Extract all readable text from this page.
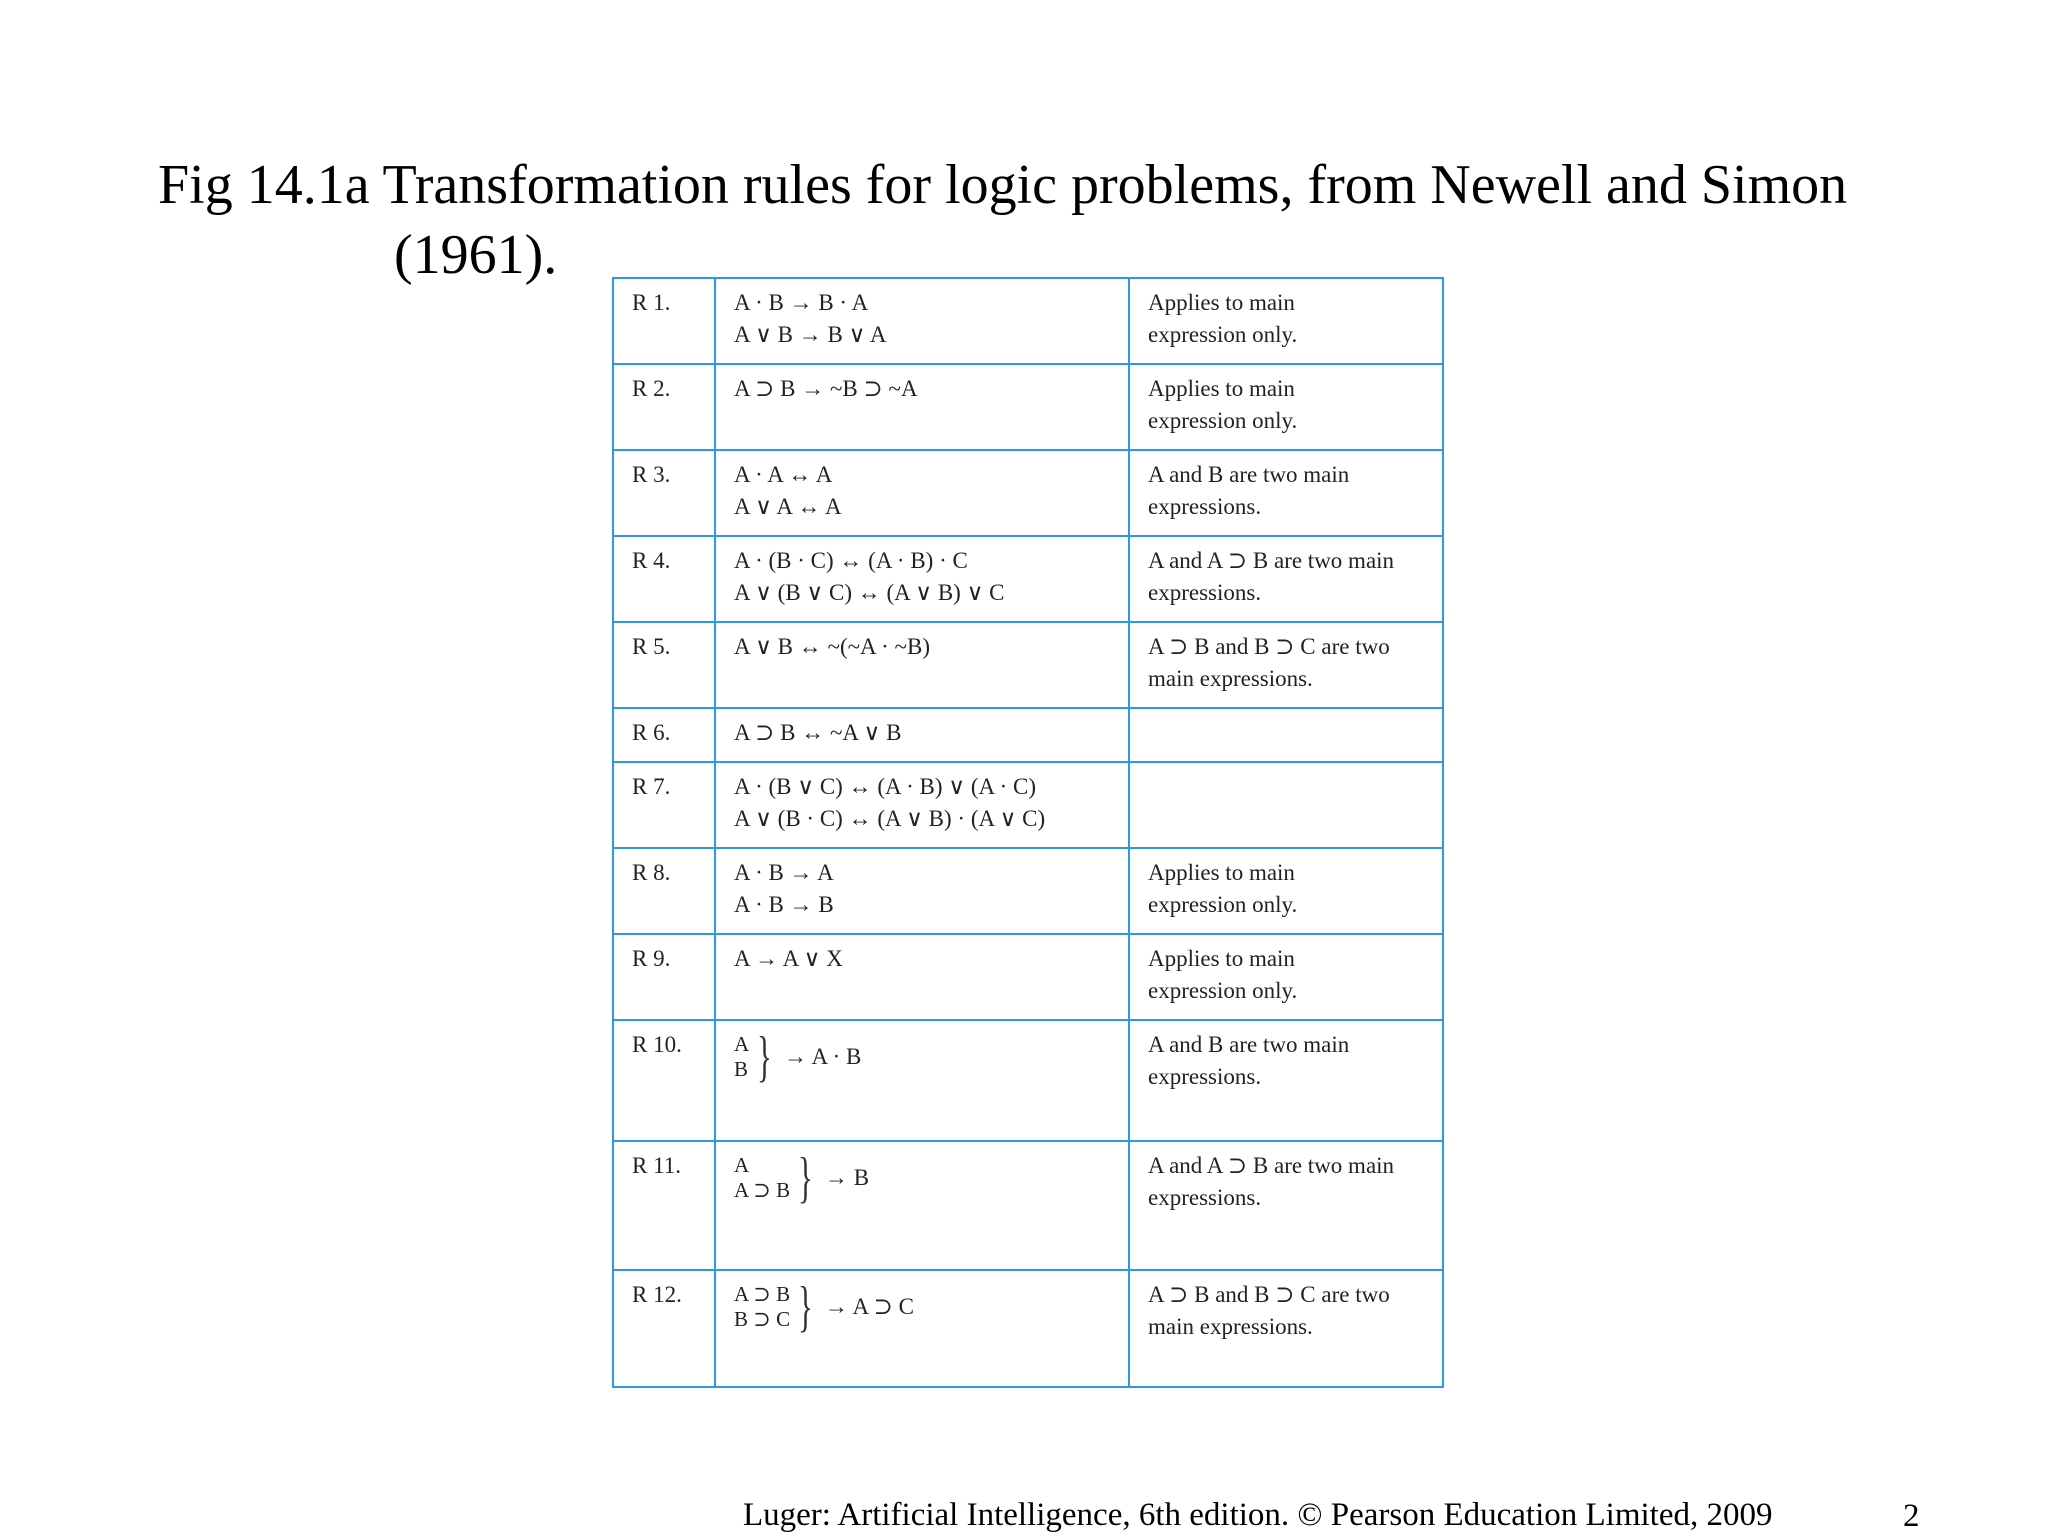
Fig 14.1a Transformation rules for logic problems, from Newell and Simon
(1961).
R 1.	A · B → B · A
A ∨ B → B ∨ A	Applies to main
expression only.

R 2.	A ⊃ B → ~B ⊃ ~A	Applies to main
expression only.

R 3.	A · A ↔ A
A ∨ A ↔ A	A and B are two main
expressions.

R 4.	A · (B · C) ↔ (A · B) · C
A ∨ (B ∨ C) ↔ (A ∨ B) ∨ C	A and A ⊃ B are two main
expressions.

R 5.	A ∨ B ↔ ~(~A · ~B)	A ⊃ B and B ⊃ C are two
main expressions.

R 6.	A ⊃ B ↔ ~A ∨ B	

R 7.	A · (B ∨ C) ↔ (A · B) ∨ (A · C)
A ∨ (B · C) ↔ (A ∨ B) · (A ∨ C)	

R 8.	A · B → A
A · B → B	Applies to main
expression only.

R 9.	A → A ∨ X	Applies to main
expression only.

R 10.	A
B } → A · B	A and B are two main
expressions.

R 11.	A
A ⊃ B } → B	A and A ⊃ B are two main
expressions.

R 12.	A ⊃ B
B ⊃ C } → A ⊃ C	A ⊃ B and B ⊃ C are two
main expressions.
Luger: Artificial Intelligence, 6th edition. © Pearson Education Limited, 2009	2
